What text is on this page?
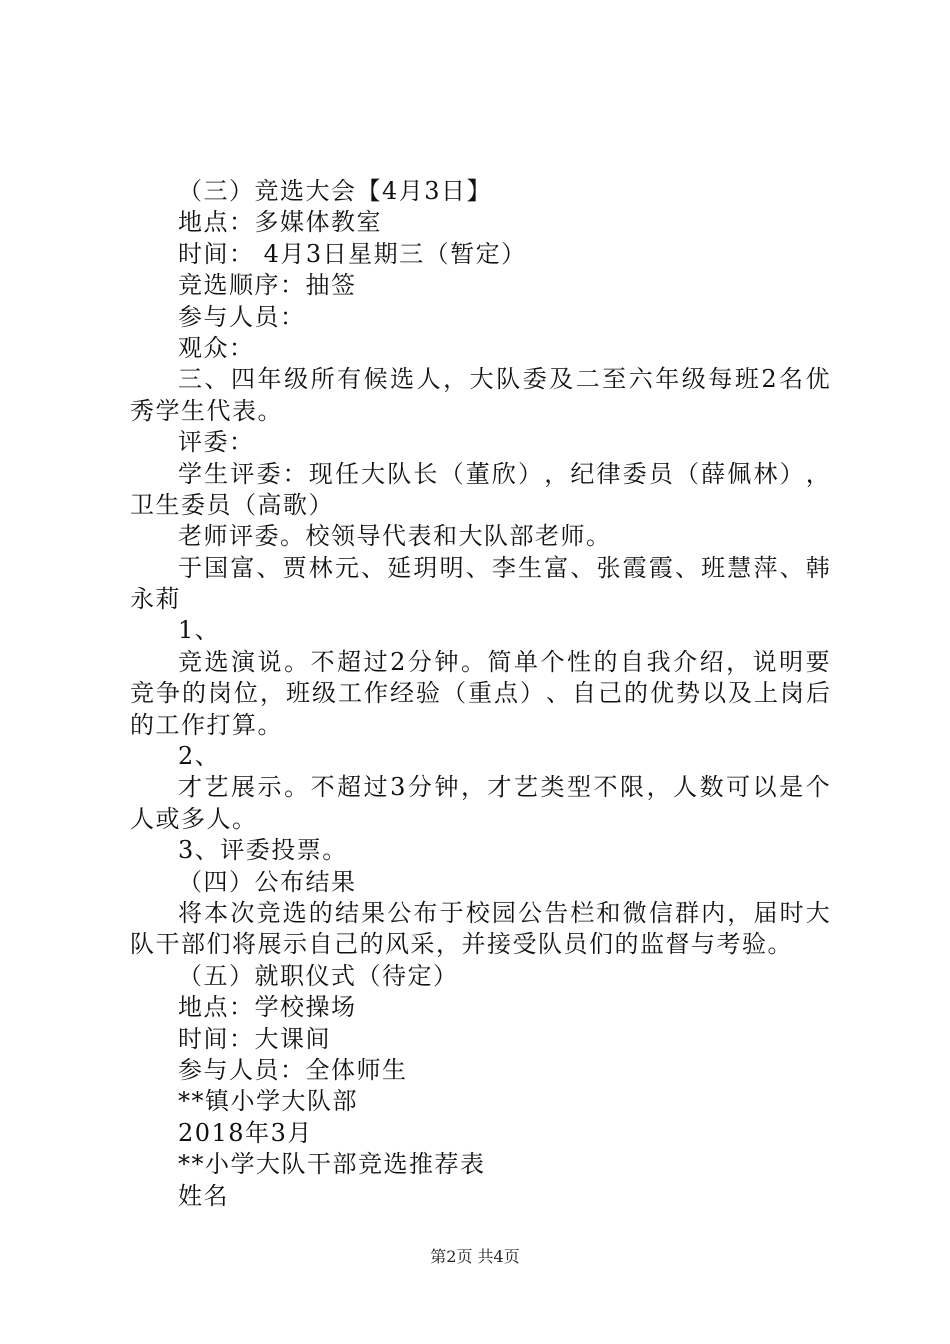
（三）竞选大会【4月3日】
地点：多媒体教室
时间： 4月3日星期三（暂定）
竞选顺序：抽签
参与人员：
观众：
三 、 四 年 级 所 有 候 选 人 ， 大 队 委 及 二 至 六 年 级 每 班 2 名 优
秀学生代表。
评委：
学 生 评 委 ： 现 任 大 队 长 （ 董 欣 ） ， 纪 律 委 员 （ 薛 佩 林 ） ，
卫生委员（高歌）
老师评委。校领导代表和大队部老师。
于 国 富 、 贾 林 元 、 延 玥 明 、 李 生 富 、 张 霞 霞 、 班 慧 萍 、 韩
永莉
1、
竞 选 演 说 。 不 超 过 2 分 钟 。 简 单 个 性 的 自 我 介 绍 ， 说 明 要
竞 争 的 岗 位 ， 班 级 工 作 经 验 （ 重 点 ） 、 自 己 的 优 势 以 及 上 岗 后
的工作打算。
2、
才 艺 展 示 。 不 超 过 3 分 钟 ， 才 艺 类 型 不 限 ， 人 数 可 以 是 个
人或多人。
3、评委投票。
（四）公布结果
将 本 次 竞 选 的 结 果 公 布 于 校 园 公 告 栏 和 微 信 群 内 ， 届 时 大
队干部们将展示自己的风采，并接受队员们的监督与考验。
（五）就职仪式（待定）
地点：学校操场
时间：大课间
参与人员：全体师生
**镇小学大队部
2018年3月
**小学大队干部竞选推荐表
姓名
第2页 共4页
